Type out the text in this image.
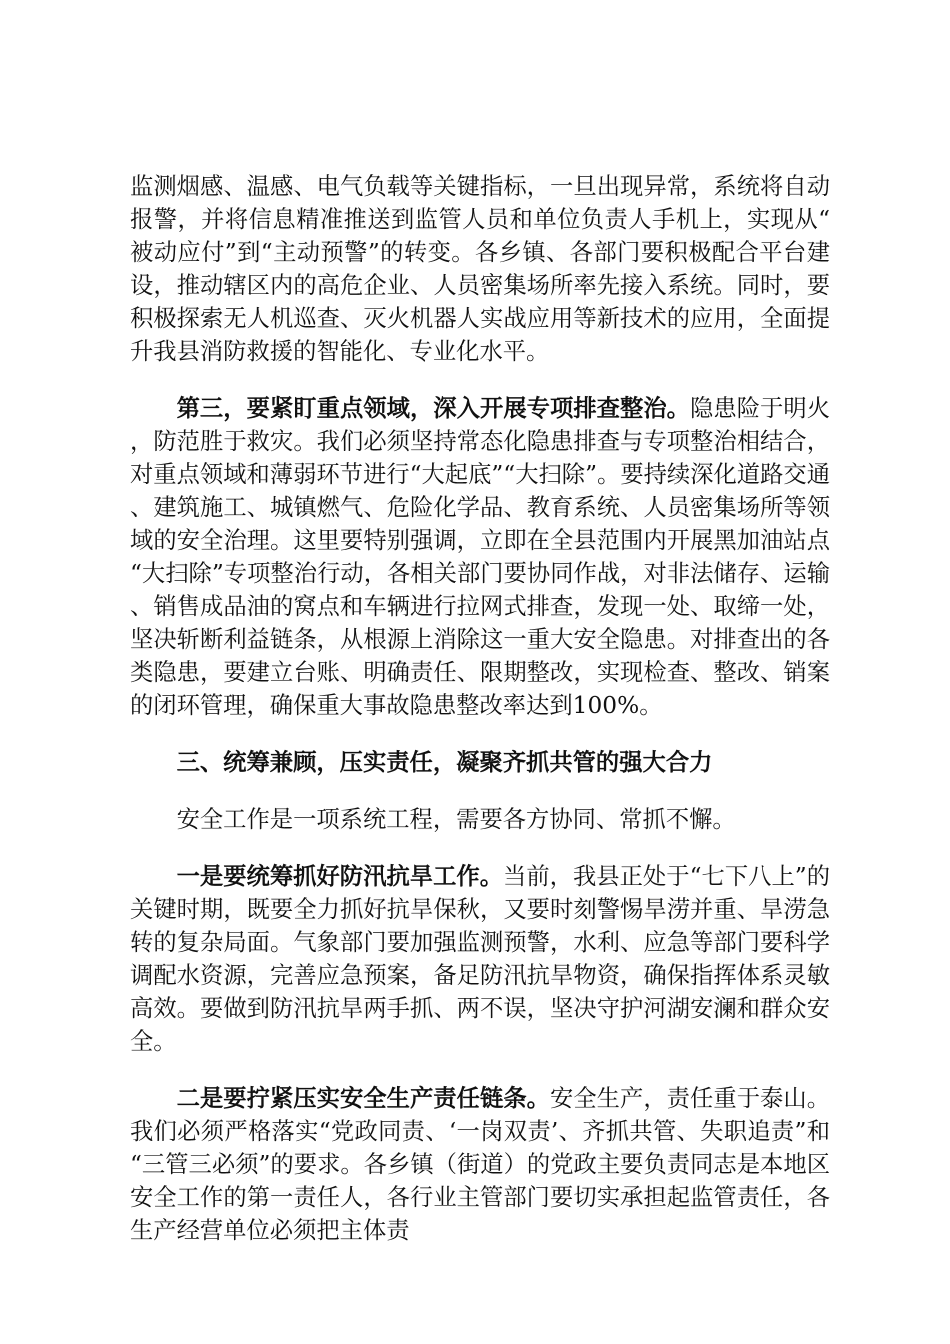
监测烟感、温感、电气负载等关键指标，一旦出现异常，系统将自动报警，并将信息精准推送到监管人员和单位负责人手机上，实现从“被动应付”到“主动预警”的转变。各乡镇、各部门要积极配合平台建设，推动辖区内的高危企业、人员密集场所率先接入系统。同时，要积极探索无人机巡查、灭火机器人实战应用等新技术的应用，全面提升我县消防救援的智能化、专业化水平。

第三，要紧盯重点领域，深入开展专项排查整治。隐患险于明火，防范胜于救灾。我们必须坚持常态化隐患排查与专项整治相结合，对重点领域和薄弱环节进行“大起底”“大扫除”。要持续深化道路交通、建筑施工、城镇燃气、危险化学品、教育系统、人员密集场所等领域的安全治理。这里要特别强调，立即在全县范围内开展黑加油站点“大扫除”专项整治行动，各相关部门要协同作战，对非法储存、运输、销售成品油的窝点和车辆进行拉网式排查，发现一处、取缔一处，坚决斩断利益链条，从根源上消除这一重大安全隐患。对排查出的各类隐患，要建立台账、明确责任、限期整改，实现检查、整改、销案的闭环管理，确保重大事故隐患整改率达到100%。

三、统筹兼顾，压实责任，凝聚齐抓共管的强大合力

安全工作是一项系统工程，需要各方协同、常抓不懈。

一是要统筹抓好防汛抗旱工作。当前，我县正处于“七下八上”的关键时期，既要全力抓好抗旱保秋，又要时刻警惕旱涝并重、旱涝急转的复杂局面。气象部门要加强监测预警，水利、应急等部门要科学调配水资源，完善应急预案，备足防汛抗旱物资，确保指挥体系灵敏高效。要做到防汛抗旱两手抓、两不误，坚决守护河湖安澜和群众安全。

二是要拧紧压实安全生产责任链条。安全生产，责任重于泰山。我们必须严格落实“党政同责、‘一岗双责’、齐抓共管、失职追责”和“三管三必须”的要求。各乡镇（街道）的党政主要负责同志是本地区安全工作的第一责任人，各行业主管部门要切实承担起监管责任，各生产经营单位必须把主体责
